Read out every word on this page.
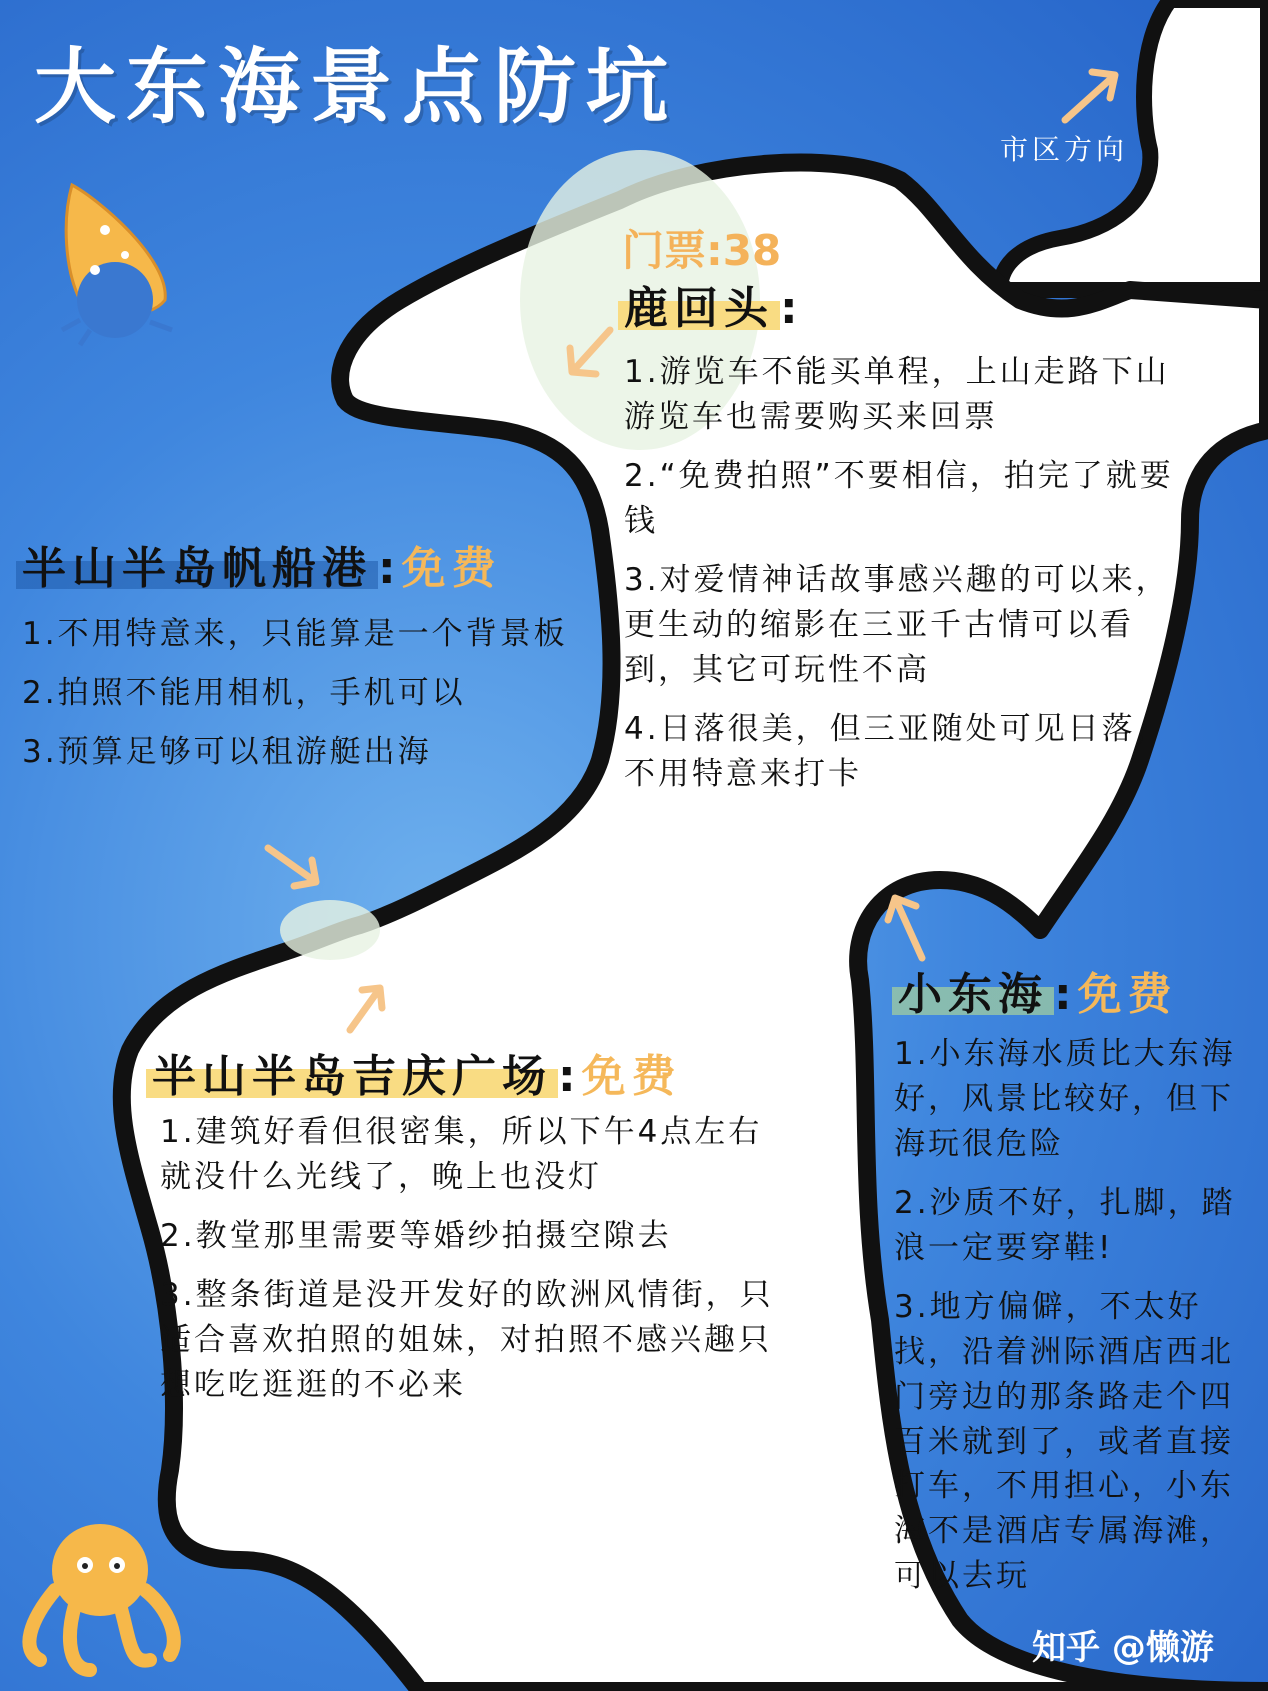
大东海景点防坑
市区方向
门票:38
鹿回头 :

1.游览车不能买单程，上山走路下山游览车也需要购买来回票

2.“免费拍照”不要相信，拍完了就要钱

3.对爱情神话故事感兴趣的可以来，更生动的缩影在三亚千古情可以看到，其它可玩性不高

4.日落很美，但三亚随处可见日落，不用特意来打卡

半山半岛帆船港 :免费

1.不用特意来，只能算是一个背景板

2.拍照不能用相机，手机可以

3.预算足够可以租游艇出海

半山半岛吉庆广场 :免费

1.建筑好看但很密集，所以下午4点左右就没什么光线了，晚上也没灯

2.教堂那里需要等婚纱拍摄空隙去

3.整条街道是没开发好的欧洲风情街，只适合喜欢拍照的姐妹，对拍照不感兴趣只想吃吃逛逛的不必来

小东海 :免费

1.小东海水质比大东海好，风景比较好，但下海玩很危险

2.沙质不好，扎脚，踏浪一定要穿鞋!

3.地方偏僻，不太好找，沿着洲际酒店西北门旁边的那条路走个四百米就到了，或者直接打车，不用担心，小东海不是酒店专属海滩，可以去玩

知乎 @懒游
